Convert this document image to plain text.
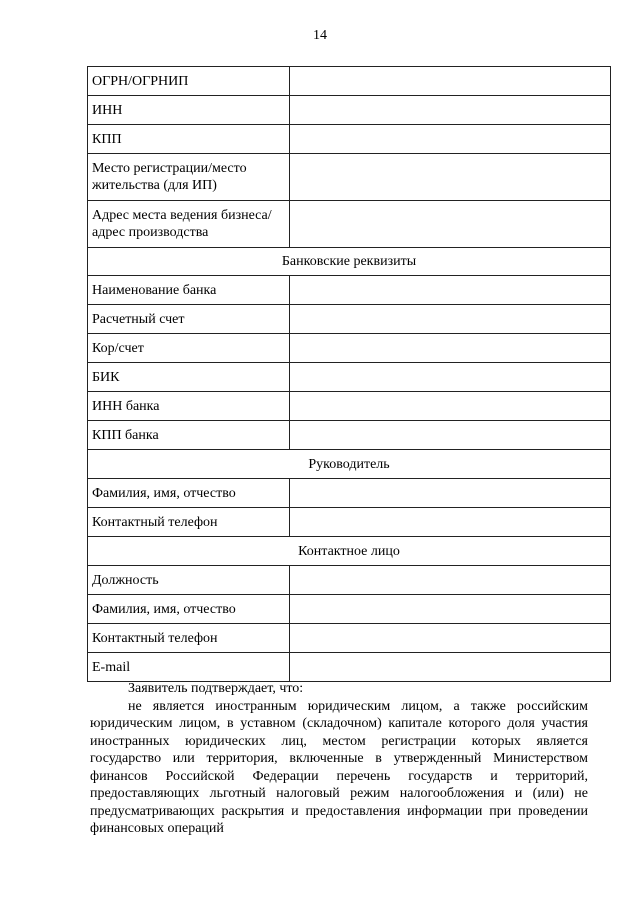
14
ОГРН/ОГРНИП	
ИНН	
КПП	
Место регистрации/место жительства (для ИП)	
Адрес места ведения бизнеса/адрес производства	
Банковские реквизиты	
Наименование банка	
Расчетный счет	
Кор/счет	
БИК	
ИНН банка	
КПП банка	
Руководитель	
Фамилия, имя, отчество	
Контактный телефон	
Контактное лицо	
Должность	
Фамилия, имя, отчество	
Контактный телефон	
E-mail	

Заявитель подтверждает, что:

не является иностранным юридическим лицом, а также российским юридическим лицом, в уставном (складочном) капитале которого доля участия иностранных юридических лиц, местом регистрации которых является государство или территория, включенные в утвержденный Министерством финансов Российской Федерации перечень государств и территорий, предоставляющих льготный налоговый режим налогообложения и (или) не предусматривающих раскрытия и предоставления информации при проведении финансовых операций
